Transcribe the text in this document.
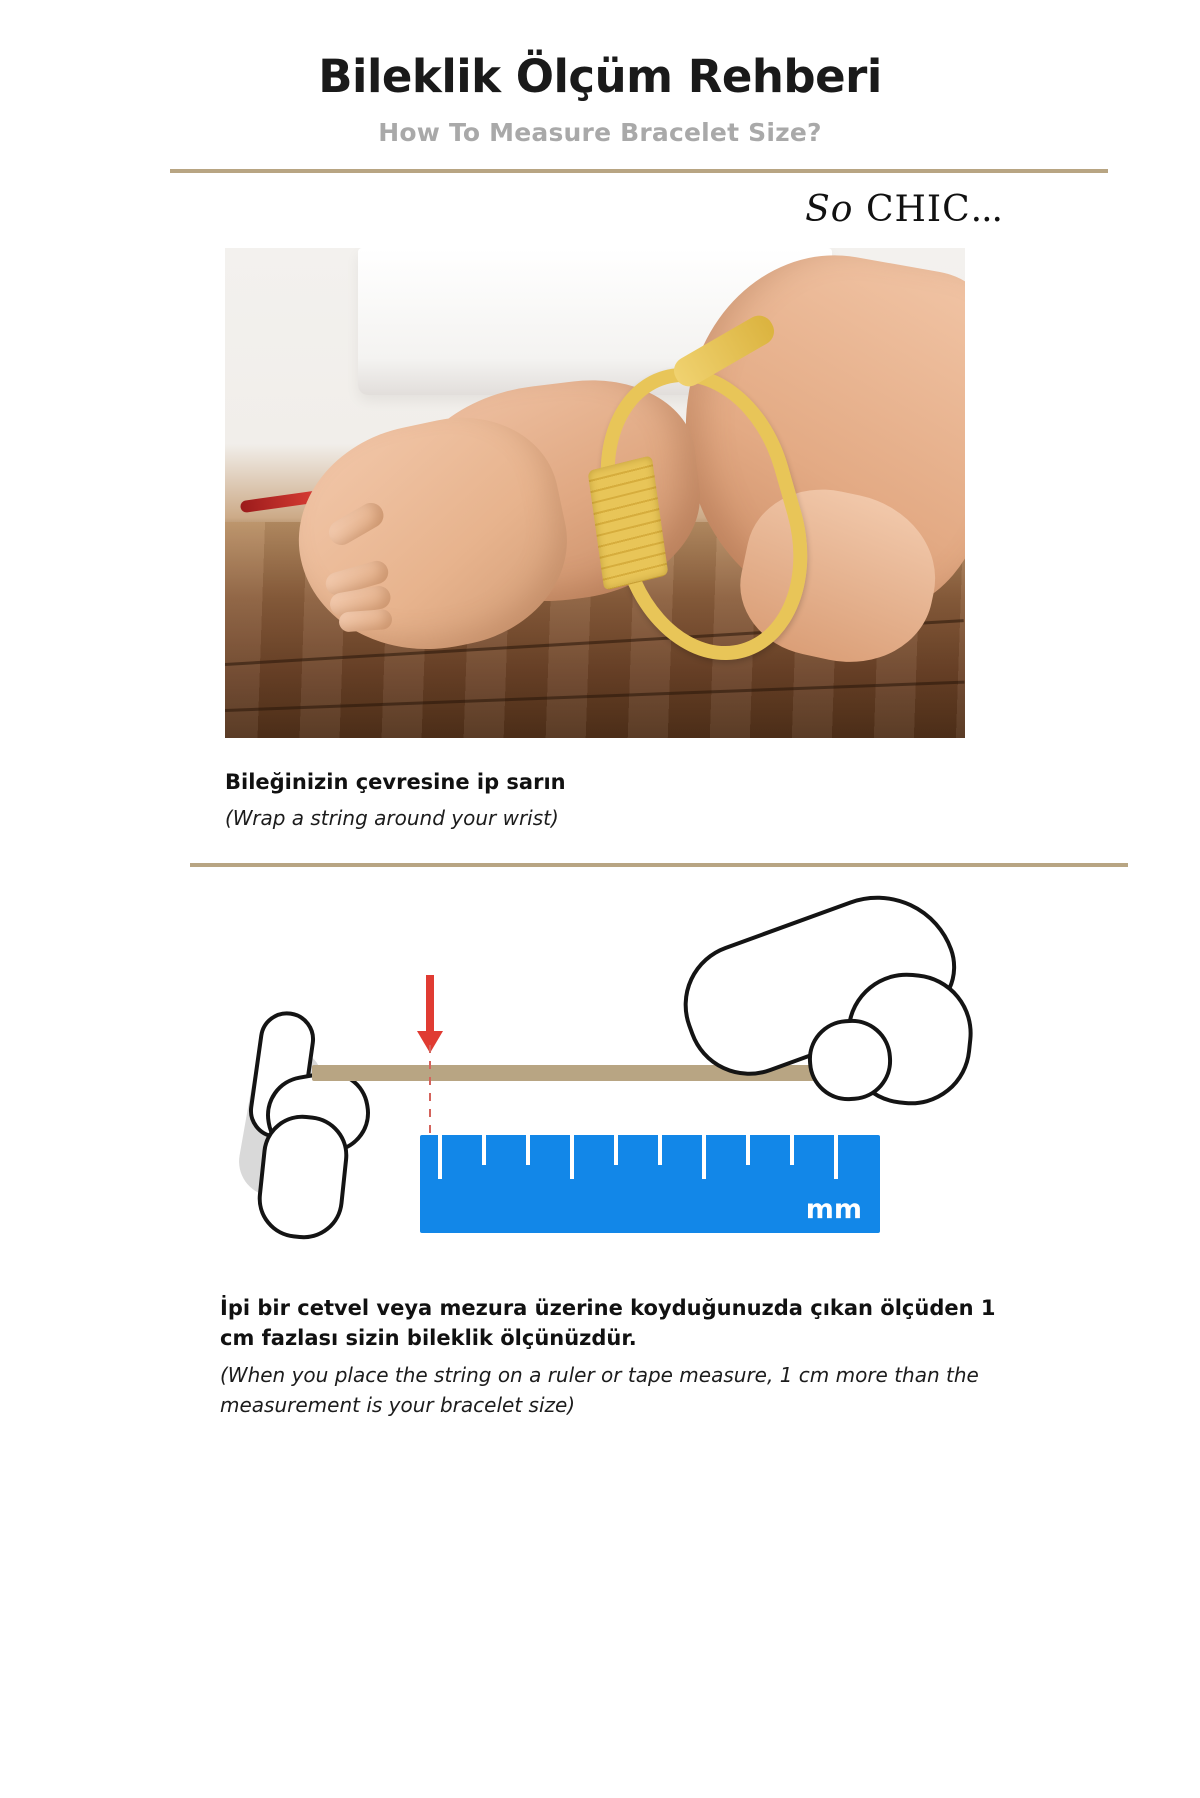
Bileklik Ölçüm Rehberi
How To Measure Bracelet Size?
So CHIC...
Bileğinizin çevresine ip sarın
(Wrap a string around your wrist)
mm
İpi bir cetvel veya mezura üzerine koyduğunuzda çıkan ölçüden 1 cm fazlası sizin bileklik ölçünüzdür.
(When you place the string on a ruler or tape measure, 1 cm more than the measurement is your bracelet size)
